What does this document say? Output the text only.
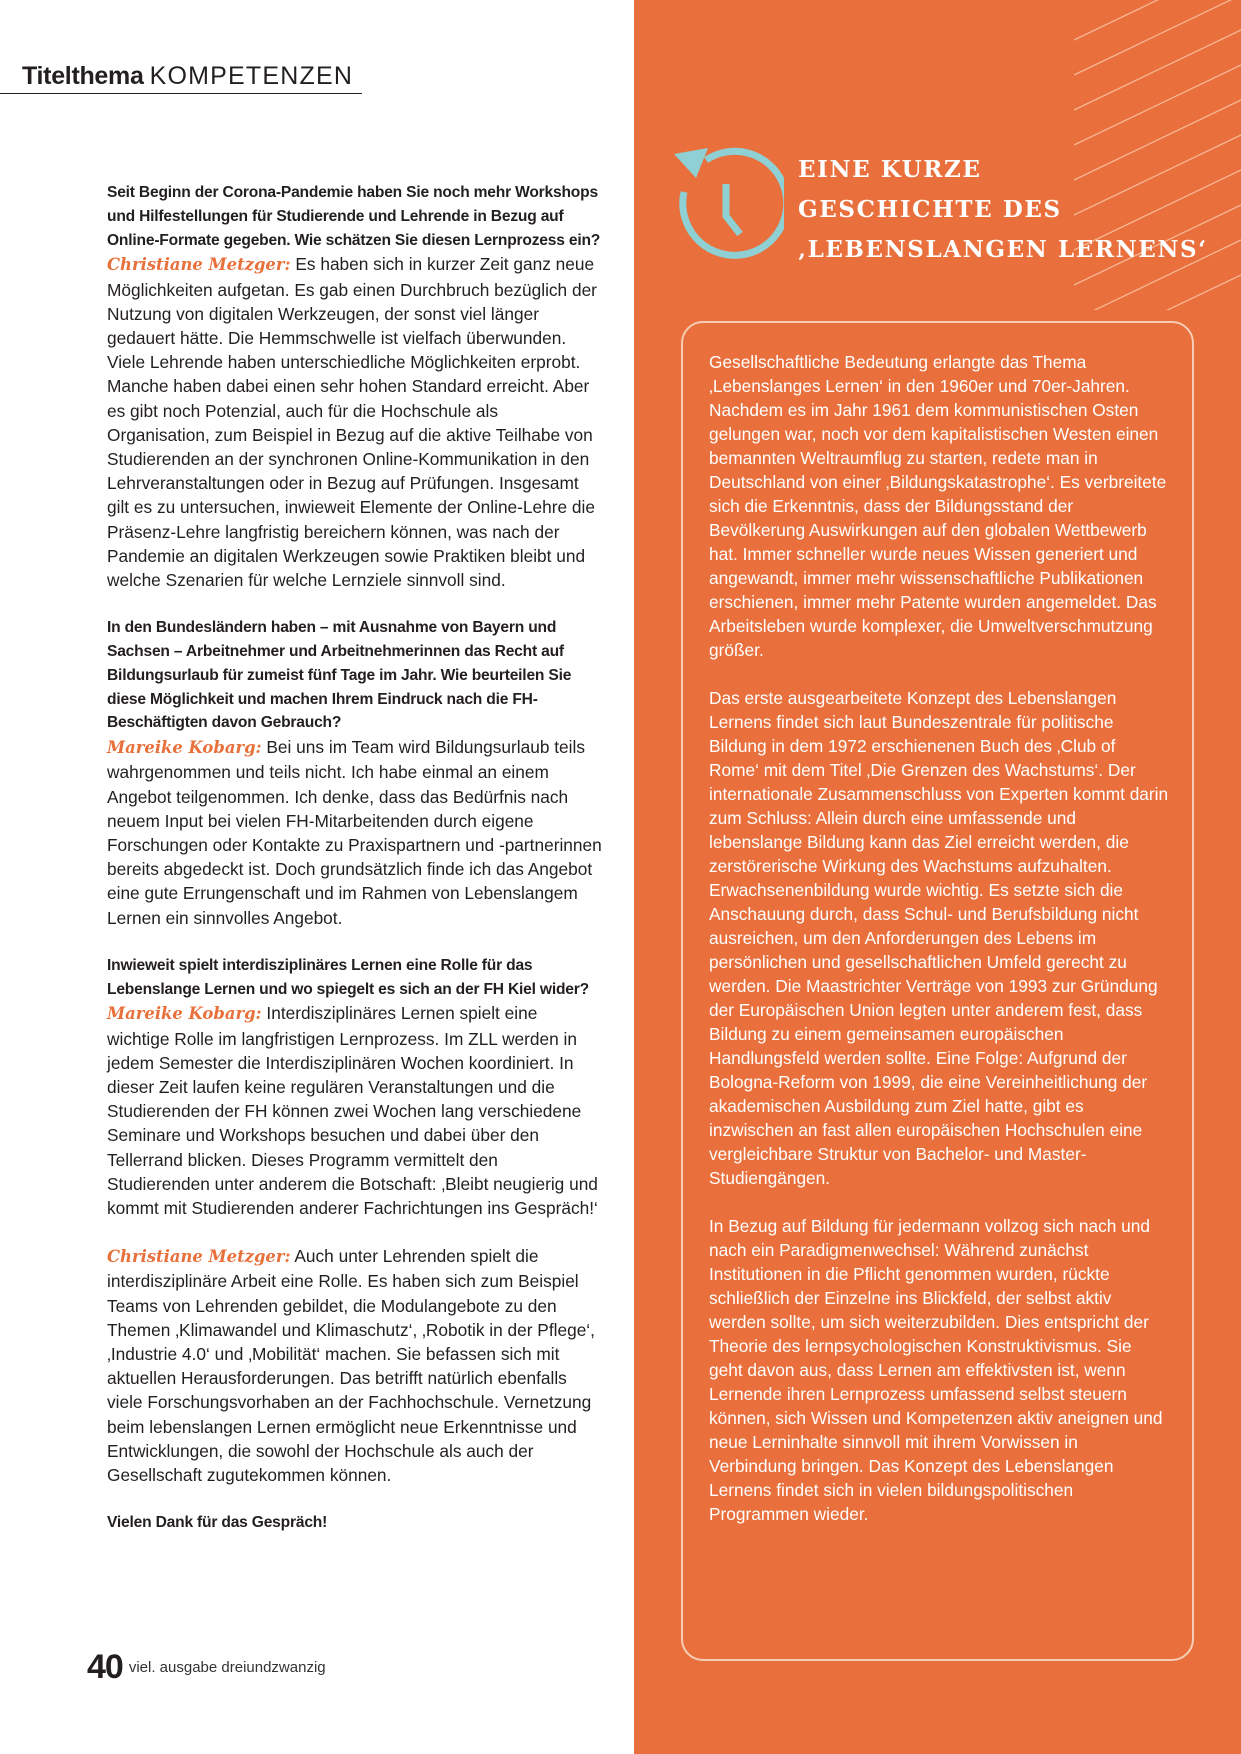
Titelthema KOMPETENZEN

Seit Beginn der Corona-Pandemie haben Sie noch mehr Workshops und Hilfestellungen für Studierende und Lehrende in Bezug auf Online-Formate gegeben. Wie schätzen Sie diesen Lernprozess ein?

Christiane Metzger: Es haben sich in kurzer Zeit ganz neue Möglichkeiten aufgetan. Es gab einen Durchbruch bezüglich der Nutzung von digitalen Werkzeugen, der sonst viel länger gedauert hätte. Die Hemmschwelle ist vielfach überwunden. Viele Lehrende haben unterschiedliche Möglichkeiten erprobt. Manche haben dabei einen sehr hohen Standard erreicht. Aber es gibt noch Potenzial, auch für die Hochschule als Organisation, zum Beispiel in Bezug auf die aktive Teilhabe von Studierenden an der synchronen Online-Kommunikation in den Lehrveranstaltungen oder in Bezug auf Prüfungen. Insgesamt gilt es zu untersuchen, inwieweit Elemente der Online-Lehre die Präsenz-Lehre langfristig bereichern können, was nach der Pandemie an digitalen Werkzeugen sowie Praktiken bleibt und welche Szenarien für welche Lernziele sinnvoll sind.

In den Bundesländern haben – mit Ausnahme von Bayern und Sachsen – Arbeitnehmer und Arbeitnehmerinnen das Recht auf Bildungsurlaub für zumeist fünf Tage im Jahr. Wie beurteilen Sie diese Möglichkeit und machen Ihrem Eindruck nach die FH-Beschäftigten davon Gebrauch?

Mareike Kobarg: Bei uns im Team wird Bildungsurlaub teils wahrgenommen und teils nicht. Ich habe einmal an einem Angebot teilgenommen. Ich denke, dass das Bedürfnis nach neuem Input bei vielen FH-Mitarbeitenden durch eigene Forschungen oder Kontakte zu Praxispartnern und -partnerinnen bereits abgedeckt ist. Doch grundsätzlich finde ich das Angebot eine gute Errungenschaft und im Rahmen von Lebenslangem Lernen ein sinnvolles Angebot.

Inwieweit spielt interdisziplinäres Lernen eine Rolle für das Lebenslange Lernen und wo spiegelt es sich an der FH Kiel wider?

Mareike Kobarg: Interdisziplinäres Lernen spielt eine wichtige Rolle im langfristigen Lernprozess. Im ZLL werden in jedem Semester die Interdisziplinären Wochen koordiniert. In dieser Zeit laufen keine regulären Veranstaltungen und die Studierenden der FH können zwei Wochen lang verschiedene Seminare und Workshops besuchen und dabei über den Tellerrand blicken. Dieses Programm vermittelt den Studierenden unter anderem die Botschaft: ‚Bleibt neugierig und kommt mit Studierenden anderer Fachrichtungen ins Gespräch!‘

Christiane Metzger: Auch unter Lehrenden spielt die interdisziplinäre Arbeit eine Rolle. Es haben sich zum Beispiel Teams von Lehrenden gebildet, die Modulangebote zu den Themen ‚Klimawandel und Klimaschutz‘, ‚Robotik in der Pflege‘, ‚Industrie 4.0‘ und ‚Mobilität‘ machen. Sie befassen sich mit aktuellen Herausforderungen. Das betrifft natürlich ebenfalls viele Forschungsvorhaben an der Fachhochschule. Vernetzung beim lebenslangen Lernen ermöglicht neue Erkenntnisse und Entwicklungen, die sowohl der Hochschule als auch der Gesellschaft zugutekommen können.

Vielen Dank für das Gespräch!

40 viel. ausgabe dreiundzwanzig
EINE KURZE
GESCHICHTE DES
‚LEBENSLANGEN LERNENS‘

Gesellschaftliche Bedeutung erlangte das Thema ‚Lebenslanges Lernen‘ in den 1960er und 70er-Jahren. Nachdem es im Jahr 1961 dem kommunistischen Osten gelungen war, noch vor dem kapitalistischen Westen einen bemannten Weltraumflug zu starten, redete man in Deutschland von einer ‚Bildungskatastrophe‘. Es verbreitete sich die Erkenntnis, dass der Bildungsstand der Bevölkerung Auswirkungen auf den globalen Wettbewerb hat. Immer schneller wurde neues Wissen generiert und angewandt, immer mehr wissenschaftliche Publikationen erschienen, immer mehr Patente wurden angemeldet. Das Arbeitsleben wurde komplexer, die Umweltverschmutzung größer.

Das erste ausgearbeitete Konzept des Lebenslangen Lernens findet sich laut Bundeszentrale für politische Bildung in dem 1972 erschienenen Buch des ‚Club of Rome‘ mit dem Titel ‚Die Grenzen des Wachstums‘. Der internationale Zusammenschluss von Experten kommt darin zum Schluss: Allein durch eine umfassende und lebenslange Bildung kann das Ziel erreicht werden, die zerstörerische Wirkung des Wachstums aufzuhalten. Erwachsenenbildung wurde wichtig. Es setzte sich die Anschauung durch, dass Schul- und Berufsbildung nicht ausreichen, um den Anforderungen des Lebens im persönlichen und gesellschaftlichen Umfeld gerecht zu werden. Die Maastrichter Verträge von 1993 zur Gründung der Europäischen Union legten unter anderem fest, dass Bildung zu einem gemeinsamen europäischen Handlungsfeld werden sollte. Eine Folge: Aufgrund der Bologna-Reform von 1999, die eine Vereinheitlichung der akademischen Ausbildung zum Ziel hatte, gibt es inzwischen an fast allen europäischen Hochschulen eine vergleichbare Struktur von Bachelor- und Master-Studiengängen.

In Bezug auf Bildung für jedermann vollzog sich nach und nach ein Paradigmenwechsel: Während zunächst Institutionen in die Pflicht genommen wurden, rückte schließlich der Einzelne ins Blickfeld, der selbst aktiv werden sollte, um sich weiterzubilden. Dies entspricht der Theorie des lernpsychologischen Konstruktivismus. Sie geht davon aus, dass Lernen am effektivsten ist, wenn Lernende ihren Lernprozess umfassend selbst steuern können, sich Wissen und Kompetenzen aktiv aneignen und neue Lerninhalte sinnvoll mit ihrem Vorwissen in Verbindung bringen. Das Konzept des Lebenslangen Lernens findet sich in vielen bildungspolitischen Programmen wieder.
